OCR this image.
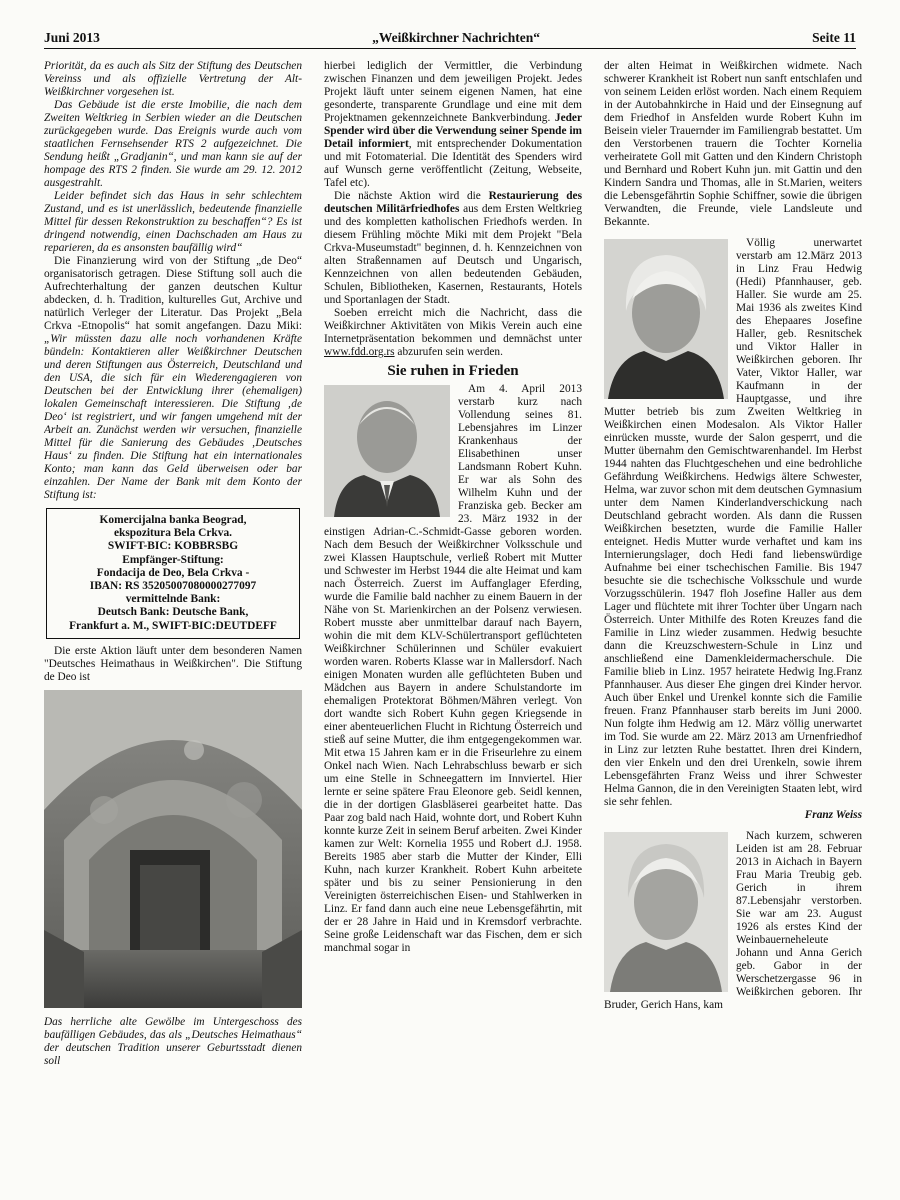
Juni 2013	„Weißkirchner Nachrichten“	Seite 11

Priorität, da es auch als Sitz der Stiftung des Deutschen Vereinss und als offizielle Vertretung der Alt-Weißkirchner vorgesehen ist.

Das Gebäude ist die erste Imobilie, die nach dem Zweiten Weltkrieg in Serbien wieder an die Deutschen zurückgegeben wurde. Das Ereignis wurde auch vom staatlichen Fernsehsender RTS 2 aufgezeichnet. Die Sendung heißt „Gradjanin“, und man kann sie auf der hompage des RTS 2 finden. Sie wurde am 29. 12. 2012 ausgestrahlt.

Leider befindet sich das Haus in sehr schlechtem Zustand, und es ist unerlässlich, bedeutende finanzielle Mittel für dessen Rekonstruktion zu beschaffen“? Es ist dringend notwendig, einen Dachschaden am Haus zu reparieren, da es ansonsten baufällig wird“

Die Finanzierung wird von der Stiftung „de Deo“ organisatorisch getragen. Diese Stiftung soll auch die Aufrechterhaltung der ganzen deutschen Kultur abdecken, d. h. Tradition, kulturelles Gut, Archive und natürlich Verleger der Literatur. Das Projekt „Bela Crkva -Etnopolis“ hat somit angefangen. Dazu Miki: „Wir müssten dazu alle noch vorhandenen Kräfte bündeln: Kontaktieren aller Weißkirchner Deutschen und deren Stiftungen aus Österreich, Deutschland und den USA, die sich für ein Wiederengagieren von Deutschen bei der Entwicklung ihrer (ehemaligen) lokalen Gemeinschaft interessieren. Die Stiftung ‚de Deo‘ ist registriert, und wir fangen umgehend mit der Arbeit an. Zunächst werden wir versuchen, finanzielle Mittel für die Sanierung des Gebäudes ‚Deutsches Haus‘ zu finden. Die Stiftung hat ein internationales Konto; man kann das Geld überweisen oder bar einzahlen. Der Name der Bank mit dem Konto der Stiftung ist:

Komercijalna banka Beograd,
ekspozitura Bela Crkva.
SWIFT-BIC: KOBBRSBG
Empfänger-Stiftung:
Fondacija de Deo, Bela Crkva -
IBAN: RS 35205007080000277097
vermittelnde Bank:
Deutsch Bank: Deutsche Bank,
Frankfurt a. M., SWIFT-BIC:DEUTDEFF

Die erste Aktion läuft unter dem besonderen Namen "Deutsches Heimathaus in Weißkirchen". Die Stiftung de Deo ist

Das herrliche alte Gewölbe im Untergeschoss des baufälligen Gebäudes, das als „Deutsches Heimathaus“ der deutschen Tradition unserer Geburtsstadt dienen soll

hierbei lediglich der Vermittler, die Verbindung zwischen Finanzen und dem jeweiligen Projekt. Jedes Projekt läuft unter seinem eigenen Namen, hat eine gesonderte, transparente Grundlage und eine mit dem Projektnamen gekennzeichnete Bankverbindung. Jeder Spender wird über die Verwendung seiner Spende im Detail informiert, mit entsprechender Dokumentation und mit Fotomaterial. Die Identität des Spenders wird auf Wunsch gerne veröffentlicht (Zeitung, Webseite, Tafel etc).

Die nächste Aktion wird die Restaurierung des deutschen Militärfriedhofes aus dem Ersten Weltkrieg und des kompletten katholischen Friedhofs werden. In diesem Frühling möchte Miki mit dem Projekt "Bela Crkva-Museumstadt" beginnen, d. h. Kennzeichnen von alten Straßennamen auf Deutsch und Ungarisch, Kennzeichnen von allen bedeutenden Gebäuden, Schulen, Bibliotheken, Kasernen, Restaurants, Hotels und Sportanlagen der Stadt.

Soeben erreicht mich die Nachricht, dass die Weißkirchner Aktivitäten von Mikis Verein auch eine Internetpräsentation bekommen und demnächst unter www.fdd.org.rs abzurufen sein werden.

Sie ruhen in Frieden

Am 4. April 2013 verstarb kurz nach Vollendung seines 81. Lebensjahres im Linzer Krankenhaus der Elisabethinen unser Landsmann Robert Kuhn. Er war als Sohn des Wilhelm Kuhn und der Franziska geb. Becker am 23. März 1932 in der einstigen Adrian-C.-Schmidt-Gasse geboren worden. Nach dem Besuch der Weißkirchner Volksschule und zwei Klassen Hauptschule, verließ Robert mit Mutter und Schwester im Herbst 1944 die alte Heimat und kam nach Österreich. Zuerst im Auffanglager Eferding, wurde die Familie bald nachher zu einem Bauern in der Nähe von St. Marienkirchen an der Polsenz verwiesen. Robert musste aber unmittelbar darauf nach Bayern, wohin die mit dem KLV-Schülertransport geflüchteten Weißkirchner Schülerinnen und Schüler evakuiert worden waren. Roberts Klasse war in Mallersdorf. Nach einigen Monaten wurden alle geflüchteten Buben und Mädchen aus Bayern in andere Schulstandorte im ehemaligen Protektorat Böhmen/Mähren verlegt. Von dort wandte sich Robert Kuhn gegen Kriegsende in einer abenteuerlichen Flucht in Richtung Österreich und stieß auf seine Mutter, die ihm entgegengekommen war. Mit etwa 15 Jahren kam er in die Friseurlehre zu einem Onkel nach Wien. Nach Lehrabschluss bewarb er sich um eine Stelle in Schneegattern im Innviertel. Hier lernte er seine spätere Frau Eleonore geb. Seidl kennen, die in der dortigen Glasbläserei gearbeitet hatte. Das Paar zog bald nach Haid, wohnte dort, und Robert Kuhn konnte kurze Zeit in seinem Beruf arbeiten. Zwei Kinder kamen zur Welt: Kornelia 1955 und Robert d.J. 1958. Bereits 1985 aber starb die Mutter der Kinder, Elli Kuhn, nach kurzer Krankheit. Robert Kuhn arbeitete später und bis zu seiner Pensionierung in den Vereinigten österreichischen Eisen- und Stahlwerken in Linz. Er fand dann auch eine neue Lebensgefährtin, mit der er 28 Jahre in Haid und in Kremsdorf verbrachte. Seine große Leidenschaft war das Fischen, dem er sich manchmal sogar in

der alten Heimat in Weißkirchen widmete. Nach schwerer Krankheit ist Robert nun sanft entschlafen und von seinem Leiden erlöst worden. Nach einem Requiem in der Autobahnkirche in Haid und der Einsegnung auf dem Friedhof in Ansfelden wurde Robert Kuhn im Beisein vieler Trauernder im Familiengrab bestattet. Um den Verstorbenen trauern die Tochter Kornelia verheiratete Goll mit Gatten und den Kindern Christoph und Bernhard und Robert Kuhn jun. mit Gattin und den Kindern Sandra und Thomas, alle in St.Marien, weiters die Lebensgefährtin Sophie Schiffner, sowie die übrigen Verwandten, die Freunde, viele Landsleute und Bekannte.

Völlig unerwartet verstarb am 12.März 2013 in Linz Frau Hedwig (Hedi) Pfannhauser, geb. Haller. Sie wurde am 25. Mai 1936 als zweites Kind des Ehepaares Josefine Haller, geb. Resnitschek und Viktor Haller in Weißkirchen geboren. Ihr Vater, Viktor Haller, war Kaufmann in der Hauptgasse, und ihre Mutter betrieb bis zum Zweiten Weltkrieg in Weißkirchen einen Modesalon. Als Viktor Haller einrücken musste, wurde der Salon gesperrt, und die Mutter übernahm den Gemischtwarenhandel. Im Herbst 1944 nahten das Fluchtgeschehen und eine bedrohliche Gefährdung Weißkirchens. Hedwigs ältere Schwester, Helma, war zuvor schon mit dem deutschen Gymnasium unter dem Namen Kinderlandverschickung nach Deutschland gebracht worden. Als dann die Russen Weißkirchen besetzten, wurde die Familie Haller enteignet. Hedis Mutter wurde verhaftet und kam ins Internierungslager, doch Hedi fand liebenswürdige Aufnahme bei einer tschechischen Familie. Bis 1947 besuchte sie die tschechische Volksschule und wurde Vorzugsschülerin. 1947 floh Josefine Haller aus dem Lager und flüchtete mit ihrer Tochter über Ungarn nach Österreich. Unter Mithilfe des Roten Kreuzes fand die Familie in Linz wieder zusammen. Hedwig besuchte dann die Kreuzschwestern-Schule in Linz und anschließend eine Damenkleidermacherschule. Die Familie blieb in Linz. 1957 heiratete Hedwig Ing.Franz Pfannhauser. Aus dieser Ehe gingen drei Kinder hervor. Auch über Enkel und Urenkel konnte sich die Familie freuen. Franz Pfannhauser starb bereits im Juni 2000. Nun folgte ihm Hedwig am 12. März völlig unerwartet im Tod. Sie wurde am 22. März 2013 am Urnenfriedhof in Linz zur letzten Ruhe bestattet. Ihren drei Kindern, den vier Enkeln und den drei Urenkeln, sowie ihrem Lebensgefährten Franz Weiss und ihrer Schwester Helma Gannon, die in den Vereinigten Staaten lebt, wird sie sehr fehlen.

Franz Weiss

Nach kurzem, schweren Leiden ist am 28. Februar 2013 in Aichach in Bayern Frau Maria Treubig geb. Gerich in ihrem 87.Lebensjahr verstorben. Sie war am 23. August 1926 als erstes Kind der Weinbauerneheleute Johann und Anna Gerich geb. Gabor in der Werschetzergasse 96 in Weißkirchen geboren. Ihr Bruder, Gerich Hans, kam
